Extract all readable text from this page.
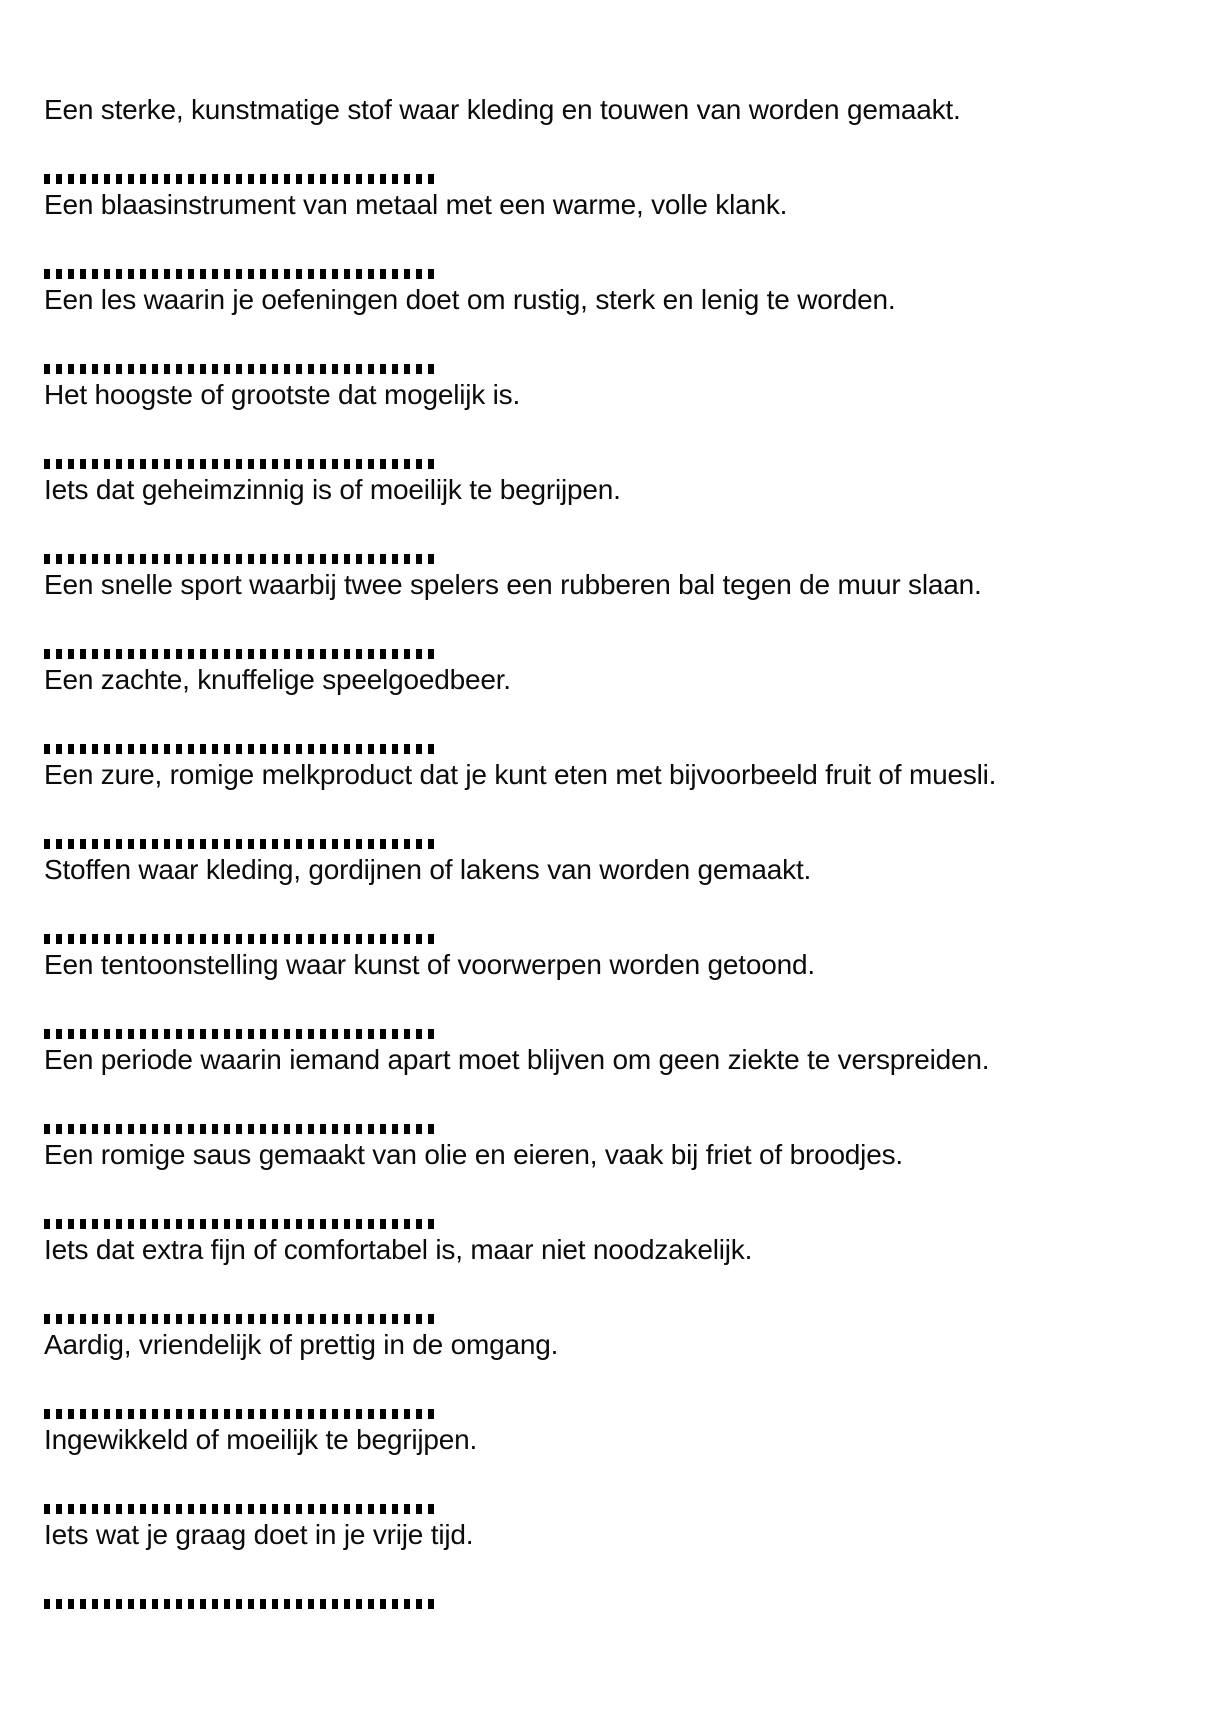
Een sterke, kunstmatige stof waar kleding en touwen van worden gemaakt.

Een blaasinstrument van metaal met een warme, volle klank.

Een les waarin je oefeningen doet om rustig, sterk en lenig te worden.

Het hoogste of grootste dat mogelijk is.

Iets dat geheimzinnig is of moeilijk te begrijpen.

Een snelle sport waarbij twee spelers een rubberen bal tegen de muur slaan.

Een zachte, knuffelige speelgoedbeer.

Een zure, romige melkproduct dat je kunt eten met bijvoorbeeld fruit of muesli.

Stoffen waar kleding, gordijnen of lakens van worden gemaakt.

Een tentoonstelling waar kunst of voorwerpen worden getoond.

Een periode waarin iemand apart moet blijven om geen ziekte te verspreiden.

Een romige saus gemaakt van olie en eieren, vaak bij friet of broodjes.

Iets dat extra fijn of comfortabel is, maar niet noodzakelijk.

Aardig, vriendelijk of prettig in de omgang.

Ingewikkeld of moeilijk te begrijpen.

Iets wat je graag doet in je vrije tijd.
